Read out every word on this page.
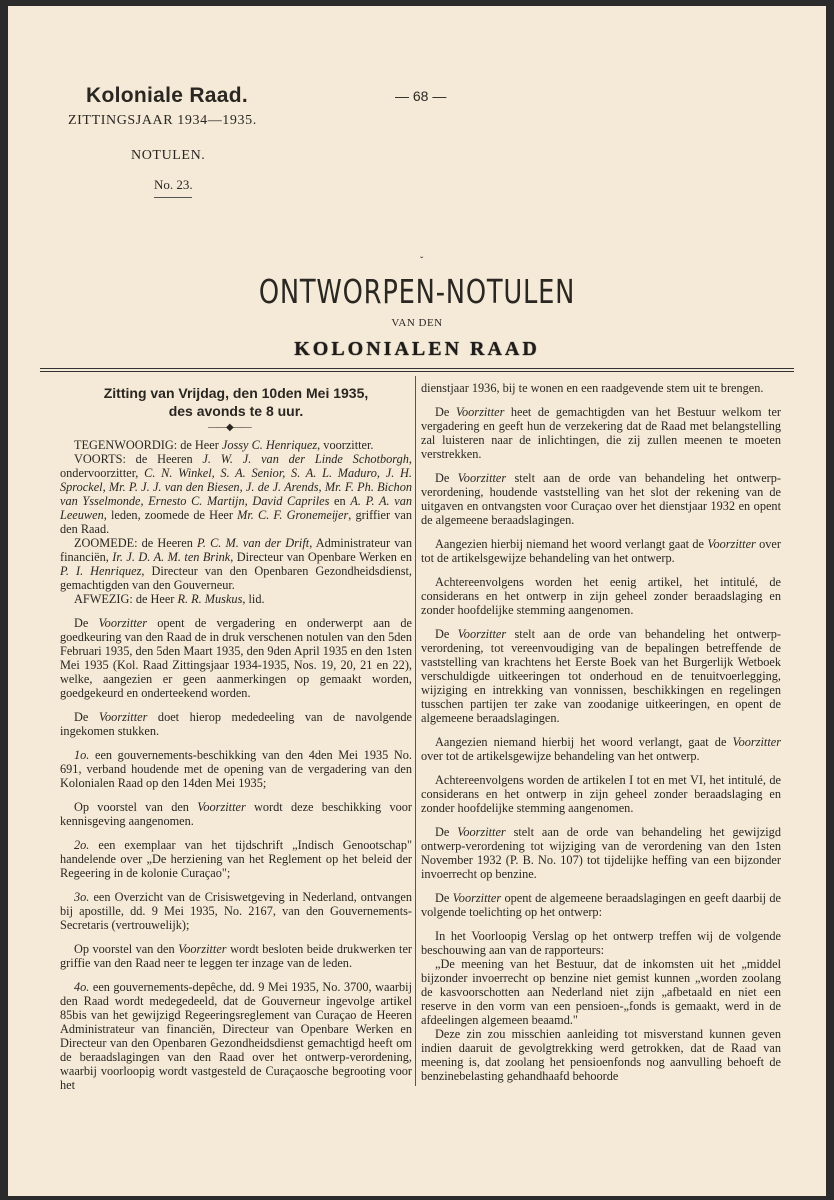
Koloniale Raad.
ZITTINGSJAAR 1934—1935.
NOTULEN.
No. 23.
— 68 —
ˇ
ONTWORPEN-NOTULEN
VAN DEN
KOLONIALEN RAAD
Zitting van Vrijdag, den 10den Mei 1935,
des avonds te 8 uur.
——◆——

TEGENWOORDIG: de Heer Jossy C. Henriquez, voorzitter.

VOORTS: de Heeren J. W. J. van der Linde Schotborgh, ondervoorzitter, C. N. Winkel, S. A. Senior, S. A. L. Maduro, J. H. Sprockel, Mr. P. J. J. van den Biesen, J. de J. Arends, Mr. F. Ph. Bichon van Ysselmonde, Ernesto C. Martijn, David Capriles en A. P. A. van Leeuwen, leden, zoomede de Heer Mr. C. F. Gronemeĳer, griffier van den Raad.

ZOOMEDE: de Heeren P. C. M. van der Drift, Administrateur van financiën, Ir. J. D. A. M. ten Brink, Directeur van Openbare Werken en P. I. Henriquez, Directeur van den Openbaren Gezondheidsdienst, gemachtigden van den Gouverneur.

AFWEZIG: de Heer R. R. Muskus, lid.

De Voorzitter opent de vergadering en onderwerpt aan de goedkeuring van den Raad de in druk verschenen notulen van den 5den Februari 1935, den 5den Maart 1935, den 9den April 1935 en den 1sten Mei 1935 (Kol. Raad Zittingsjaar 1934-1935, Nos. 19, 20, 21 en 22), welke, aangezien er geen aanmerkingen op gemaakt worden, goedgekeurd en onderteekend worden.

De Voorzitter doet hierop mededeeling van de navolgende ingekomen stukken.

1o. een gouvernements-beschikking van den 4den Mei 1935 No. 691, verband houdende met de opening van de vergadering van den Kolonialen Raad op den 14den Mei 1935;

Op voorstel van den Voorzitter wordt deze beschikking voor kennisgeving aangenomen.

2o. een exemplaar van het tijdschrift „Indisch Genootschap" handelende over „De herziening van het Reglement op het beleid der Regeering in de kolonie Curaçao";

3o. een Overzicht van de Crisiswetgeving in Nederland, ontvangen bij apostille, dd. 9 Mei 1935, No. 2167, van den Gouvernements-Secretaris (vertrouwelijk);

Op voorstel van den Voorzitter wordt besloten beide drukwerken ter griffie van den Raad neer te leggen ter inzage van de leden.

4o. een gouvernements-depêche, dd. 9 Mei 1935, No. 3700, waarbij den Raad wordt medegedeeld, dat de Gouverneur ingevolge artikel 85bis van het gewijzigd Regeeringsreglement van Curaçao de Heeren Administrateur van financiën, Directeur van Openbare Werken en Directeur van den Openbaren Gezondheidsdienst gemachtigd heeft om de beraadslagingen van den Raad over het ontwerp-verordening, waarbij voorloopig wordt vastgesteld de Curaçaosche begrooting voor het

dienstjaar 1936, bij te wonen en een raadgevende stem uit te brengen.

De Voorzitter heet de gemachtigden van het Bestuur welkom ter vergadering en geeft hun de verzekering dat de Raad met belangstelling zal luisteren naar de inlichtingen, die zij zullen meenen te moeten verstrekken.

De Voorzitter stelt aan de orde van behandeling het ontwerp-verordening, houdende vaststelling van het slot der rekening van de uitgaven en ontvangsten voor Curaçao over het dienstjaar 1932 en opent de algemeene beraadslagingen.

Aangezien hierbij niemand het woord verlangt gaat de Voorzitter over tot de artikelsgewijze behandeling van het ontwerp.

Achtereenvolgens worden het eenig artikel, het intitulé, de considerans en het ontwerp in zijn geheel zonder beraadslaging en zonder hoofdelijke stemming aangenomen.

De Voorzitter stelt aan de orde van behandeling het ontwerp-verordening, tot vereenvoudiging van de bepalingen betreffende de vaststelling van krachtens het Eerste Boek van het Burgerlijk Wetboek verschuldigde uitkeeringen tot onderhoud en de tenuitvoerlegging, wijziging en intrekking van vonnissen, beschikkingen en regelingen tusschen partijen ter zake van zoodanige uitkeeringen, en opent de algemeene beraadslagingen.

Aangezien niemand hierbij het woord verlangt, gaat de Voorzitter over tot de artikelsgewijze behandeling van het ontwerp.

Achtereenvolgens worden de artikelen I tot en met VI, het intitulé, de considerans en het ontwerp in zijn geheel zonder beraadslaging en zonder hoofdelijke stemming aangenomen.

De Voorzitter stelt aan de orde van behandeling het gewijzigd ontwerp-verordening tot wijziging van de verordening van den 1sten November 1932 (P. B. No. 107) tot tijdelijke heffing van een bijzonder invoerrecht op benzine.

De Voorzitter opent de algemeene beraadslagingen en geeft daarbij de volgende toelichting op het ontwerp:

In het Voorloopig Verslag op het ontwerp treffen wij de volgende beschouwing aan van de rapporteurs:

„De meening van het Bestuur, dat de inkomsten uit het „middel bijzonder invoerrecht op benzine niet gemist kunnen „worden zoolang de kasvoorschotten aan Nederland niet zijn „afbetaald en niet een reserve in den vorm van een pensioen-„fonds is gemaakt, werd in de afdeelingen algemeen beaamd."

Deze zin zou misschien aanleiding tot misverstand kunnen geven indien daaruit de gevolgtrekking werd getrokken, dat de Raad van meening is, dat zoolang het pensioenfonds nog aanvulling behoeft de benzinebelasting gehandhaafd behoorde
